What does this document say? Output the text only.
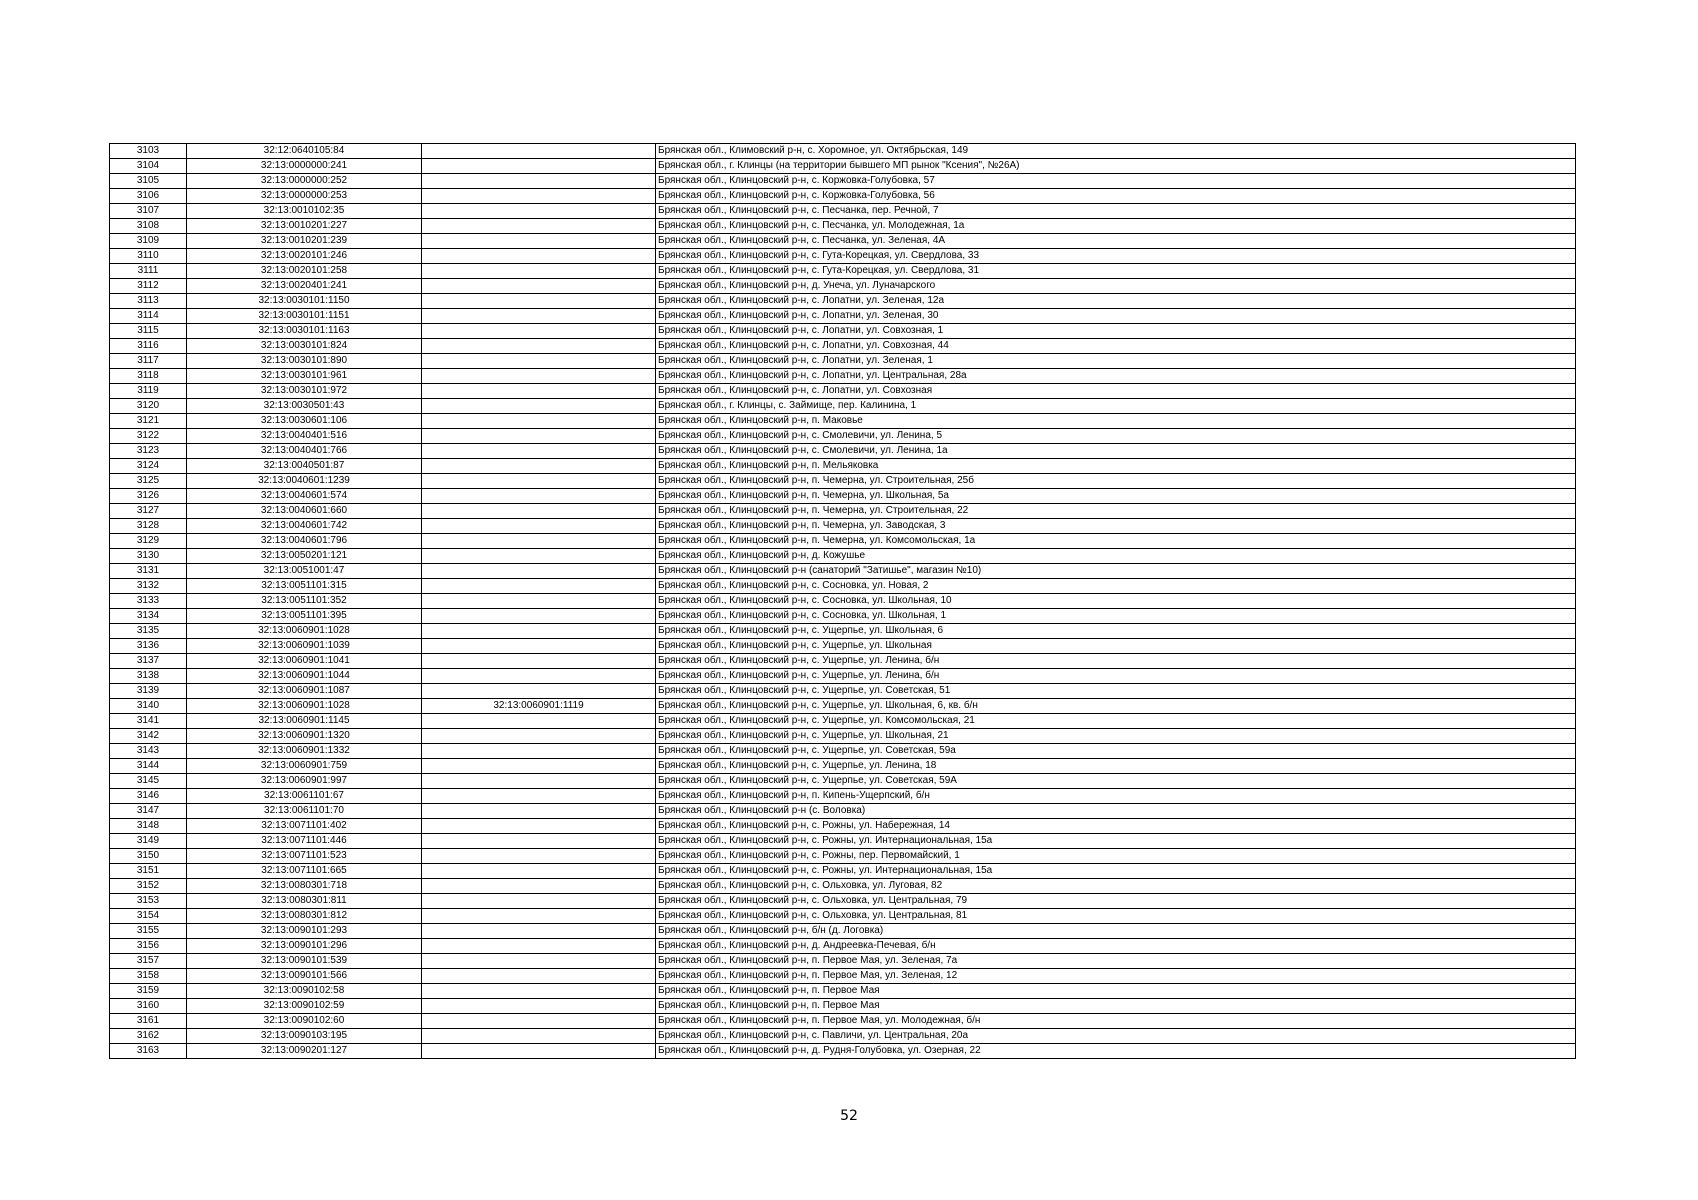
3103	32:12:0640105:84		Брянская обл., Климовский р-н, с. Хоромное, ул. Октябрьская, 149
3104	32:13:0000000:241		Брянская обл., г. Клинцы (на территории бывшего МП рынок "Ксения", №26А)
3105	32:13:0000000:252		Брянская обл., Клинцовский р-н, с. Коржовка-Голубовка, 57
3106	32:13:0000000:253		Брянская обл., Клинцовский р-н, с. Коржовка-Голубовка, 56
3107	32:13:0010102:35		Брянская обл., Клинцовский р-н, с. Песчанка, пер. Речной, 7
3108	32:13:0010201:227		Брянская обл., Клинцовский р-н, с. Песчанка, ул. Молодежная, 1а
3109	32:13:0010201:239		Брянская обл., Клинцовский р-н, с. Песчанка, ул. Зеленая, 4А
3110	32:13:0020101:246		Брянская обл., Клинцовский р-н, с. Гута-Корецкая, ул. Свердлова, 33
3111	32:13:0020101:258		Брянская обл., Клинцовский р-н, с. Гута-Корецкая, ул. Свердлова, 31
3112	32:13:0020401:241		Брянская обл., Клинцовский р-н, д. Унеча, ул. Луначарского
3113	32:13:0030101:1150		Брянская обл., Клинцовский р-н, с. Лопатни, ул. Зеленая, 12а
3114	32:13:0030101:1151		Брянская обл., Клинцовский р-н, с. Лопатни, ул. Зеленая, 30
3115	32:13:0030101:1163		Брянская обл., Клинцовский р-н, с. Лопатни, ул. Совхозная, 1
3116	32:13:0030101:824		Брянская обл., Клинцовский р-н, с. Лопатни, ул. Совхозная, 44
3117	32:13:0030101:890		Брянская обл., Клинцовский р-н, с. Лопатни, ул. Зеленая, 1
3118	32:13:0030101:961		Брянская обл., Клинцовский р-н, с. Лопатни, ул. Центральная, 28а
3119	32:13:0030101:972		Брянская обл., Клинцовский р-н, с. Лопатни, ул. Совхозная
3120	32:13:0030501:43		Брянская обл., г. Клинцы, с. Займище, пер. Калинина, 1
3121	32:13:0030601:106		Брянская обл., Клинцовский р-н, п. Маковье
3122	32:13:0040401:516		Брянская обл., Клинцовский р-н, с. Смолевичи, ул. Ленина, 5
3123	32:13:0040401:766		Брянская обл., Клинцовский р-н, с. Смолевичи, ул. Ленина, 1а
3124	32:13:0040501:87		Брянская обл., Клинцовский р-н, п. Мельяковка
3125	32:13:0040601:1239		Брянская обл., Клинцовский р-н, п. Чемерна, ул. Строительная, 25б
3126	32:13:0040601:574		Брянская обл., Клинцовский р-н, п. Чемерна, ул. Школьная, 5а
3127	32:13:0040601:660		Брянская обл., Клинцовский р-н, п. Чемерна, ул. Строительная, 22
3128	32:13:0040601:742		Брянская обл., Клинцовский р-н, п. Чемерна, ул. Заводская, 3
3129	32:13:0040601:796		Брянская обл., Клинцовский р-н, п. Чемерна, ул. Комсомольская, 1а
3130	32:13:0050201:121		Брянская обл., Клинцовский р-н, д. Кожушье
3131	32:13:0051001:47		Брянская обл., Клинцовский р-н (санаторий "Затишье", магазин №10)
3132	32:13:0051101:315		Брянская обл., Клинцовский р-н, с. Сосновка, ул. Новая, 2
3133	32:13:0051101:352		Брянская обл., Клинцовский р-н, с. Сосновка, ул. Школьная, 10
3134	32:13:0051101:395		Брянская обл., Клинцовский р-н, с. Сосновка, ул. Школьная, 1
3135	32:13:0060901:1028		Брянская обл., Клинцовский р-н, с. Ущерпье, ул. Школьная, 6
3136	32:13:0060901:1039		Брянская обл., Клинцовский р-н, с. Ущерпье, ул. Школьная
3137	32:13:0060901:1041		Брянская обл., Клинцовский р-н, с. Ущерпье, ул. Ленина, б/н
3138	32:13:0060901:1044		Брянская обл., Клинцовский р-н, с. Ущерпье, ул. Ленина, б/н
3139	32:13:0060901:1087		Брянская обл., Клинцовский р-н, с. Ущерпье, ул. Советская, 51
3140	32:13:0060901:1028	32:13:0060901:1119	Брянская обл., Клинцовский р-н, с. Ущерпье, ул. Школьная, 6, кв. б/н
3141	32:13:0060901:1145		Брянская обл., Клинцовский р-н, с. Ущерпье, ул. Комсомольская, 21
3142	32:13:0060901:1320		Брянская обл., Клинцовский р-н, с. Ущерпье, ул. Школьная, 21
3143	32:13:0060901:1332		Брянская обл., Клинцовский р-н, с. Ущерпье, ул. Советская, 59а
3144	32:13:0060901:759		Брянская обл., Клинцовский р-н, с. Ущерпье, ул. Ленина, 18
3145	32:13:0060901:997		Брянская обл., Клинцовский р-н, с. Ущерпье, ул. Советская, 59А
3146	32:13:0061101:67		Брянская обл., Клинцовский р-н, п. Кипень-Ущерпский, б/н
3147	32:13:0061101:70		Брянская обл., Клинцовский р-н (с. Воловка)
3148	32:13:0071101:402		Брянская обл., Клинцовский р-н, с. Рожны, ул. Набережная, 14
3149	32:13:0071101:446		Брянская обл., Клинцовский р-н, с. Рожны, ул. Интернациональная, 15а
3150	32:13:0071101:523		Брянская обл., Клинцовский р-н, с. Рожны, пер. Первомайский, 1
3151	32:13:0071101:665		Брянская обл., Клинцовский р-н, с. Рожны, ул. Интернациональная, 15а
3152	32:13:0080301:718		Брянская обл., Клинцовский р-н, с. Ольховка, ул. Луговая, 82
3153	32:13:0080301:811		Брянская обл., Клинцовский р-н, с. Ольховка, ул. Центральная, 79
3154	32:13:0080301:812		Брянская обл., Клинцовский р-н, с. Ольховка, ул. Центральная, 81
3155	32:13:0090101:293		Брянская обл., Клинцовский р-н, б/н (д. Логовка)
3156	32:13:0090101:296		Брянская обл., Клинцовский р-н, д. Андреевка-Печевая, б/н
3157	32:13:0090101:539		Брянская обл., Клинцовский р-н, п. Первое Мая, ул. Зеленая, 7а
3158	32:13:0090101:566		Брянская обл., Клинцовский р-н, п. Первое Мая, ул. Зеленая, 12
3159	32:13:0090102:58		Брянская обл., Клинцовский р-н, п. Первое Мая
3160	32:13:0090102:59		Брянская обл., Клинцовский р-н, п. Первое Мая
3161	32:13:0090102:60		Брянская обл., Клинцовский р-н, п. Первое Мая, ул. Молодежная, б/н
3162	32:13:0090103:195		Брянская обл., Клинцовский р-н, с. Павличи, ул. Центральная, 20а
3163	32:13:0090201:127		Брянская обл., Клинцовский р-н, д. Рудня-Голубовка, ул. Озерная, 22
52
